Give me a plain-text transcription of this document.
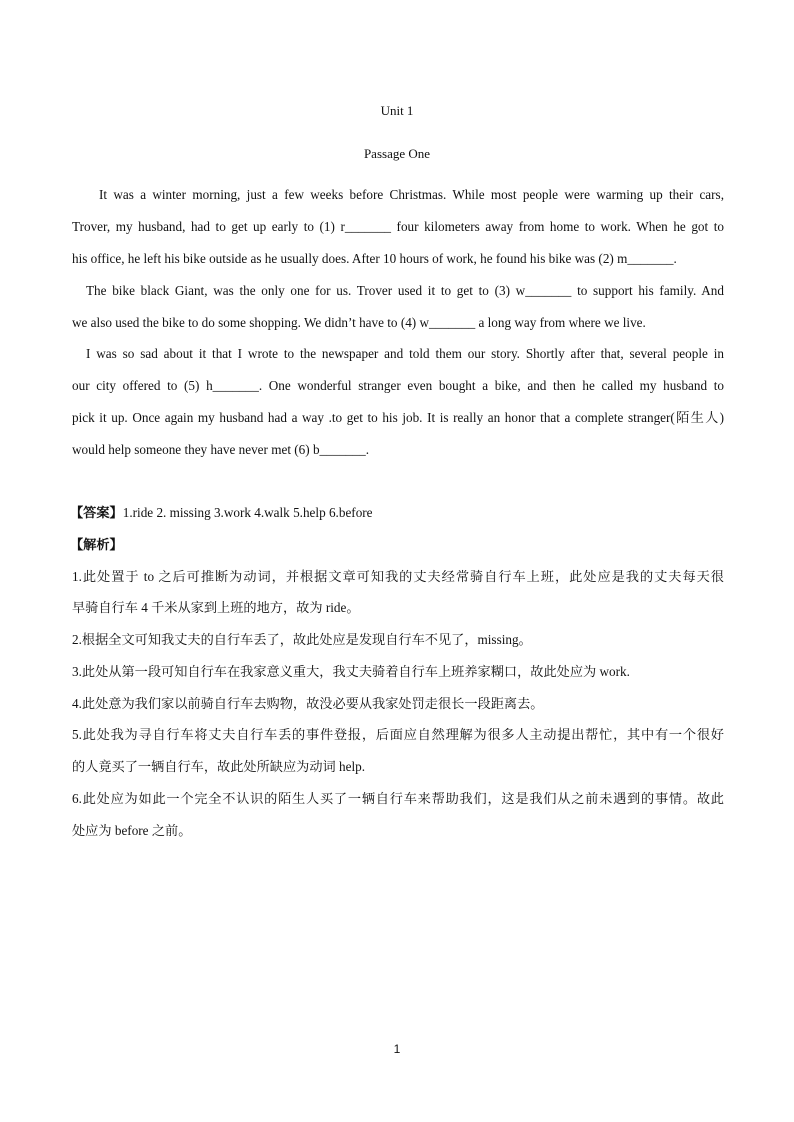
Unit 1
Passage One
It was a winter morning, just a few weeks before Christmas. While most people were warming up their cars,
Trover, my husband, had to get up early to (1) r_______ four kilometers away from home to work. When he got to
his office, he left his bike outside as he usually does. After 10 hours of work, he found his bike was (2) m_______.
The bike black Giant, was the only one for us. Trover used it to get to (3) w_______ to support his family. And
we also used the bike to do some shopping. We didn’t have to (4) w_______ a long way from where we live.
I was so sad about it that I wrote to the newspaper and told them our story. Shortly after that, several people in
our city offered to (5) h_______. One wonderful stranger even bought a bike, and then he called my husband to
pick it up. Once again my husband had a way .to get to his job. It is really an honor that a complete stranger(陌生人)
would help someone they have never met (6) b_______.
【答案】1.ride 2. missing 3.work 4.walk 5.help 6.before
【解析】
1.此处置于 to 之后可推断为动词，并根据文章可知我的丈夫经常骑自行车上班，此处应是我的丈夫每天很
早骑自行车 4 千米从家到上班的地方，故为 ride。
2.根据全文可知我丈夫的自行车丢了，故此处应是发现自行车不见了，missing。
3.此处从第一段可知自行车在我家意义重大，我丈夫骑着自行车上班养家糊口，故此处应为 work.
4.此处意为我们家以前骑自行车去购物，故没必要从我家处罚走很长一段距离去。
5.此处我为寻自行车将丈夫自行车丢的事件登报，后面应自然理解为很多人主动提出帮忙，其中有一个很好
的人竟买了一辆自行车，故此处所缺应为动词 help.
6.此处应为如此一个完全不认识的陌生人买了一辆自行车来帮助我们，这是我们从之前未遇到的事情。故此
处应为 before 之前。
1
